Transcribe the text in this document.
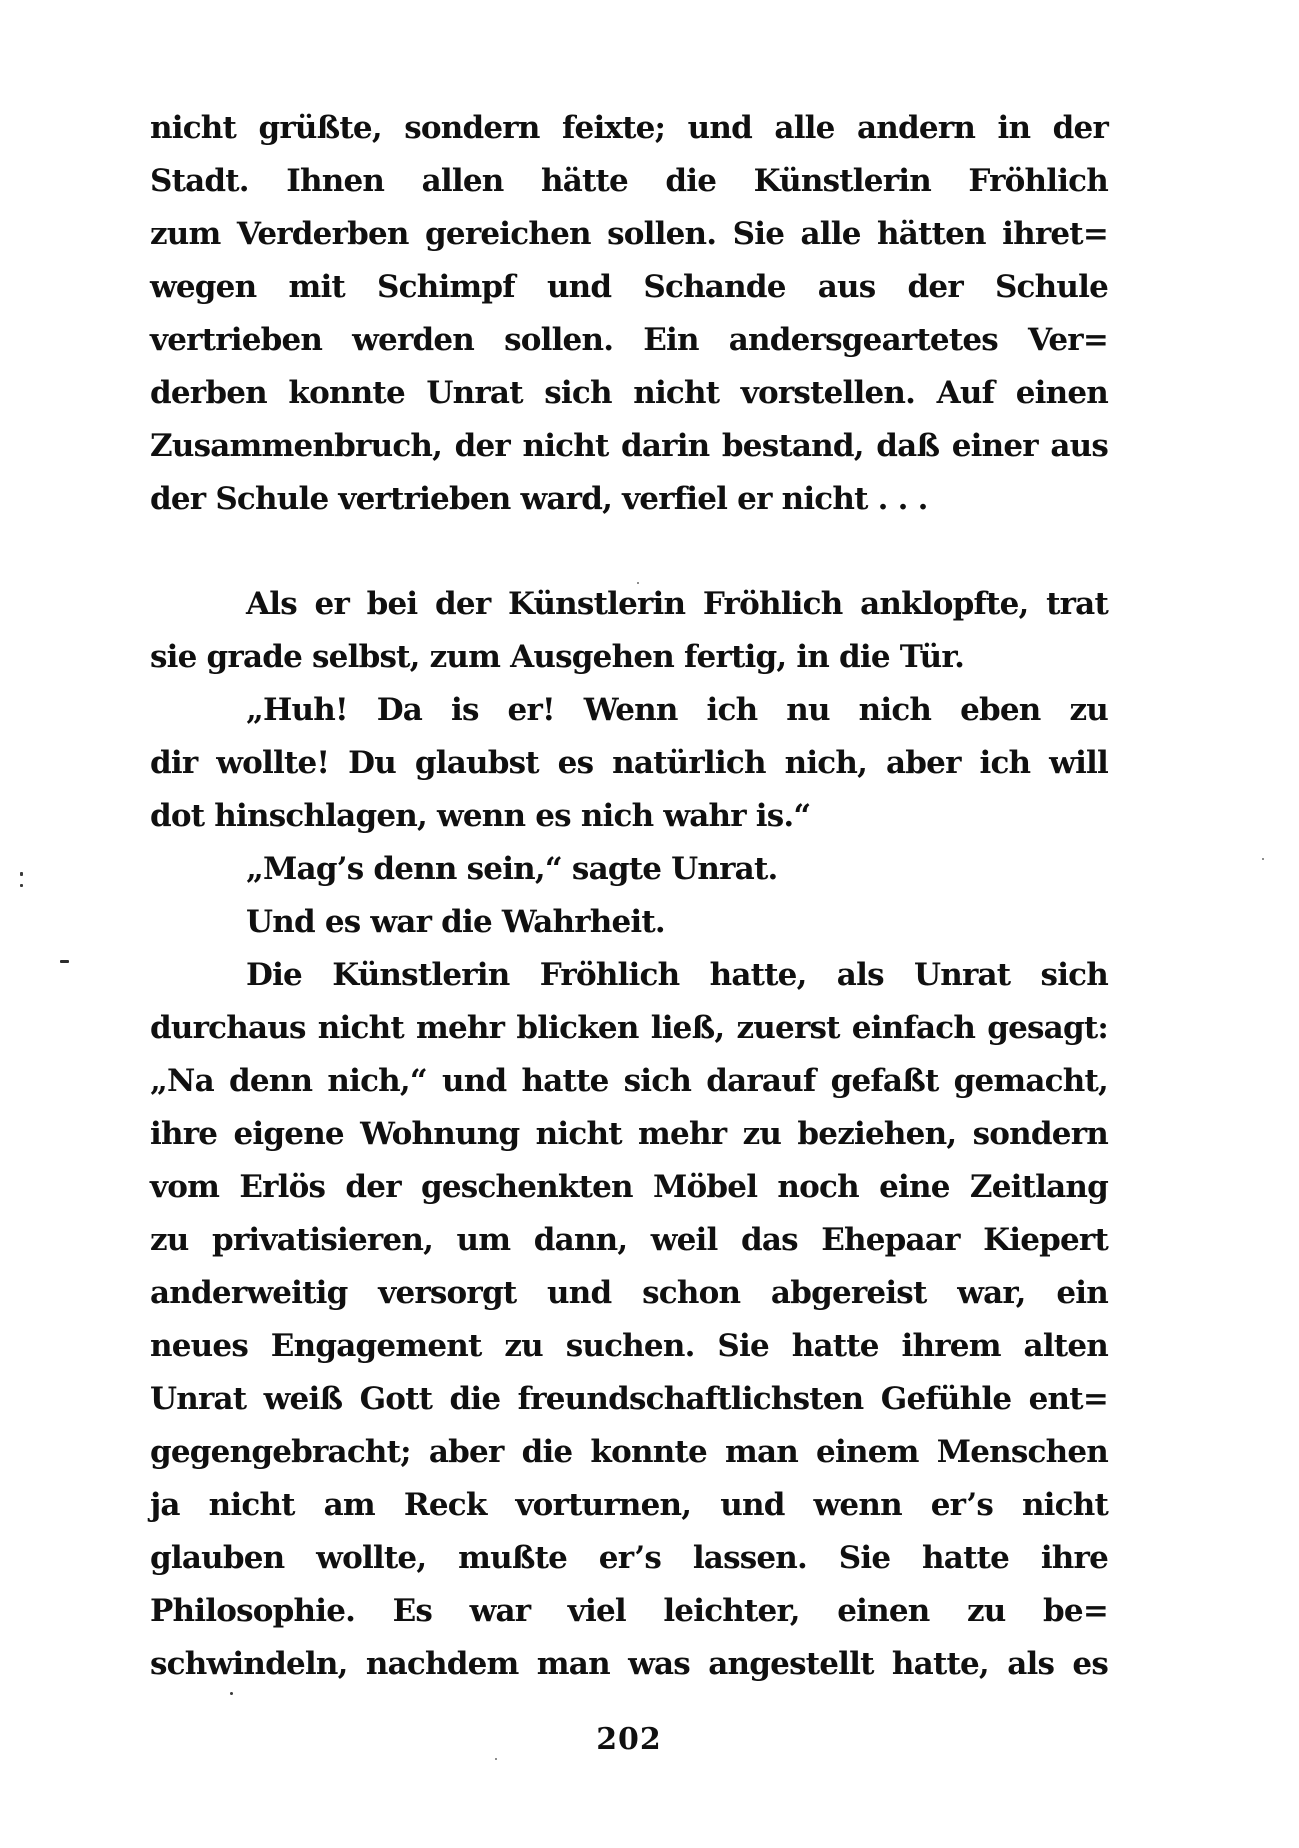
nicht grüßte, sondern feixte; und alle andern in der
Stadt. Ihnen allen hätte die Künstlerin Fröhlich
zum Verderben gereichen sollen. Sie alle hätten ihret=
wegen mit Schimpf und Schande aus der Schule
vertrieben werden sollen. Ein andersgeartetes Ver=
derben konnte Unrat sich nicht vorstellen. Auf einen
Zusammenbruch, der nicht darin bestand, daß einer aus
der Schule vertrieben ward, verfiel er nicht . . .
Als er bei der Künstlerin Fröhlich anklopfte, trat
sie grade selbst, zum Ausgehen fertig, in die Tür.
„Huh! Da is er! Wenn ich nu nich eben zu
dir wollte! Du glaubst es natürlich nich, aber ich will
dot hinschlagen, wenn es nich wahr is.“
„Mag’s denn sein,“ sagte Unrat.
Und es war die Wahrheit.
Die Künstlerin Fröhlich hatte, als Unrat sich
durchaus nicht mehr blicken ließ, zuerst einfach gesagt:
„Na denn nich,“ und hatte sich darauf gefaßt gemacht,
ihre eigene Wohnung nicht mehr zu beziehen, sondern
vom Erlös der geschenkten Möbel noch eine Zeitlang
zu privatisieren, um dann, weil das Ehepaar Kiepert
anderweitig versorgt und schon abgereist war, ein
neues Engagement zu suchen. Sie hatte ihrem alten
Unrat weiß Gott die freundschaftlichsten Gefühle ent=
gegengebracht; aber die konnte man einem Menschen
ja nicht am Reck vorturnen, und wenn er’s nicht
glauben wollte, mußte er’s lassen. Sie hatte ihre
Philosophie. Es war viel leichter, einen zu be=
schwindeln, nachdem man was angestellt hatte, als es
202
